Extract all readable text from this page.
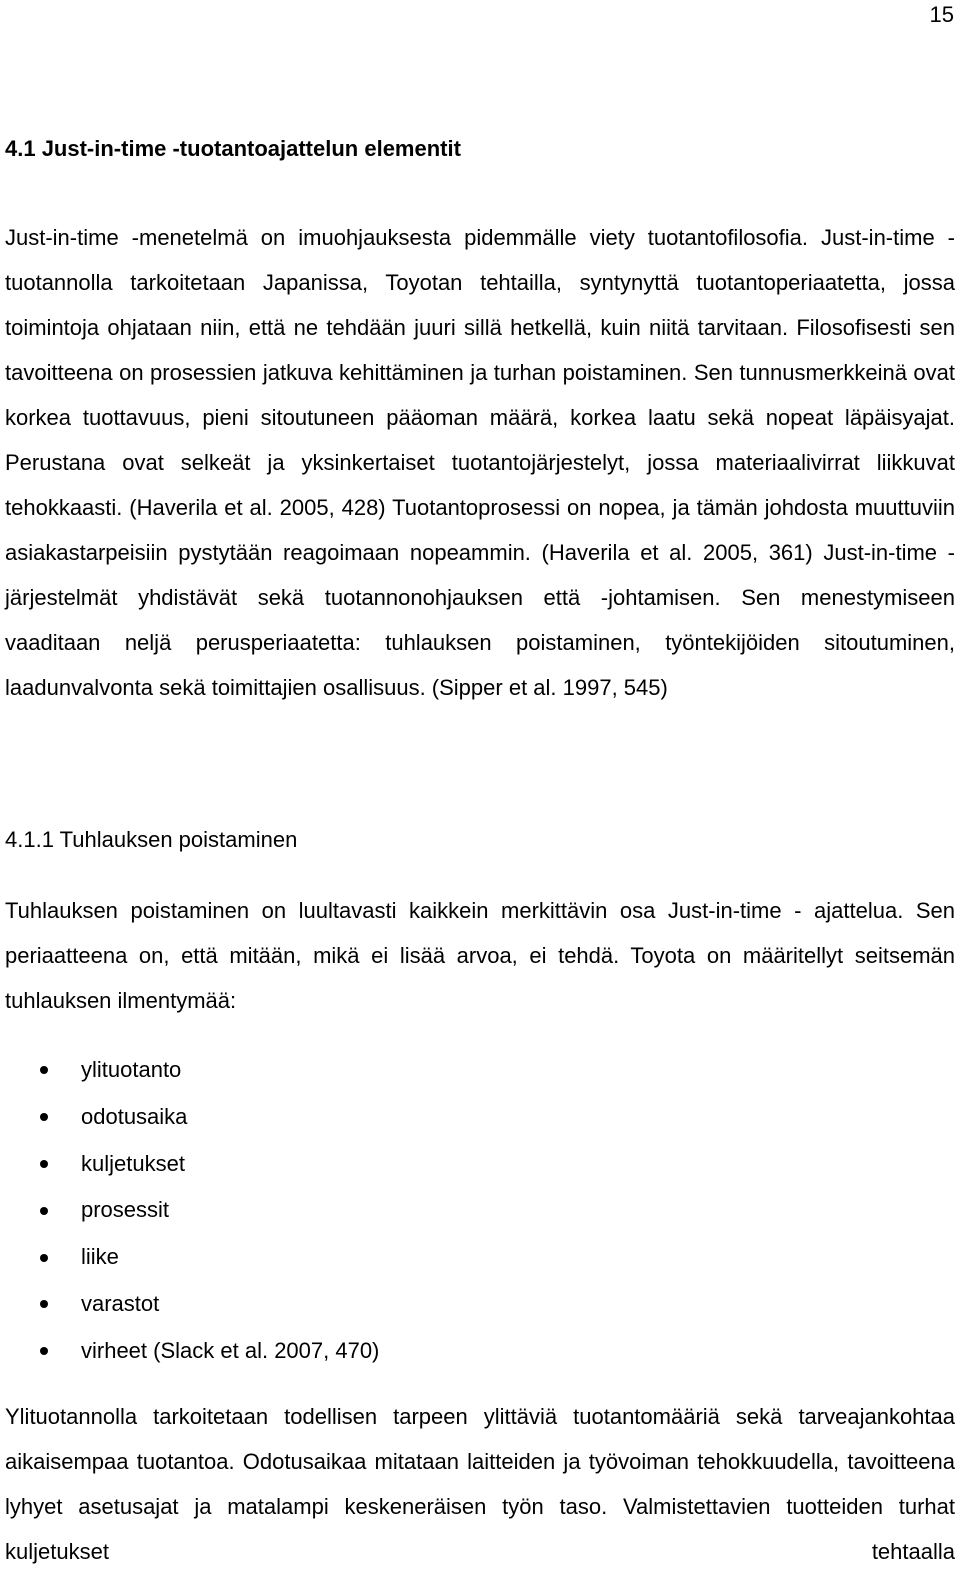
15
4.1 Just-in-time -tuotantoajattelun elementit

Just-in-time -menetelmä on imuohjauksesta pidemmälle viety tuotantofilosofia. Just-in-time -tuotannolla tarkoitetaan Japanissa, Toyotan tehtailla, syntynyttä tuotantoperiaatetta, jossa toimintoja ohjataan niin, että ne tehdään juuri sillä hetkellä, kuin niitä tarvitaan. Filosofisesti sen tavoitteena on prosessien jatkuva kehittäminen ja turhan poistaminen. Sen tunnusmerkkeinä ovat korkea tuottavuus, pieni sitoutuneen pääoman määrä, korkea laatu sekä nopeat läpäisyajat. Perustana ovat selkeät ja yksinkertaiset tuotantojärjestelyt, jossa materiaalivirrat liikkuvat tehokkaasti. (Haverila et al. 2005, 428) Tuotantoprosessi on nopea, ja tämän johdosta muuttuviin asiakastarpeisiin pystytään reagoimaan nopeammin. (Haverila et al. 2005, 361) Just-in-time -järjestelmät yhdistävät sekä tuotannonohjauksen että -johtamisen. Sen menestymiseen vaaditaan neljä perusperiaatetta: tuhlauksen poistaminen, työntekijöiden sitoutuminen, laadunvalvonta sekä toimittajien osallisuus. (Sipper et al. 1997, 545)

4.1.1 Tuhlauksen poistaminen

Tuhlauksen poistaminen on luultavasti kaikkein merkittävin osa Just-in-time - ajattelua. Sen periaatteena on, että mitään, mikä ei lisää arvoa, ei tehdä. Toyota on määritellyt seitsemän tuhlauksen ilmentymää:

ylituotanto
odotusaika
kuljetukset
prosessit
liike
varastot
virheet (Slack et al. 2007, 470)

Ylituotannolla tarkoitetaan todellisen tarpeen ylittäviä tuotantomääriä sekä tarveajankohtaa aikaisempaa tuotantoa. Odotusaikaa mitataan laitteiden ja työvoiman tehokkuudella, tavoitteena lyhyet asetusajat ja matalampi keskeneräisen työn taso. Valmistettavien tuotteiden turhat kuljetukset tehtaalla
